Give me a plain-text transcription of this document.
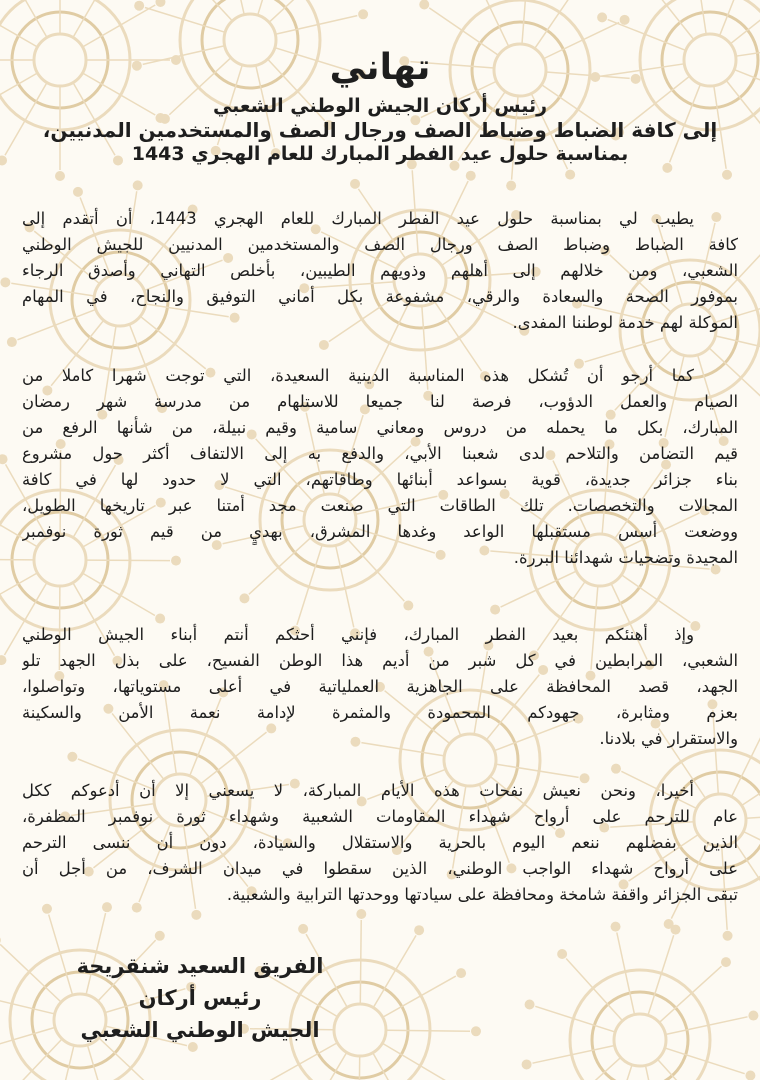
تهاني
رئيس أركان الجيش الوطني الشعبي
إلى كافة الضباط وضباط الصف ورجال الصف والمستخدمين المدنيين،
بمناسبة حلول عيد الفطر المبارك للعام الهجري 1443
يطيب لي بمناسبة حلول عيد الفطر المبارك للعام الهجري 1443، أن أتقدم إلى
كافة الضباط وضباط الصف ورجال الصف والمستخدمين المدنيين للجيش الوطني
الشعبي، ومن خلالهم إلى أهلهم وذويهم الطيبين، بأخلص التهاني وأصدق الرجاء
بموفور الصحة والسعادة والرقي، مشفوعة بكل أماني التوفيق والنجاح، في المهام
الموكلة لهم خدمة لوطننا المفدى.
كما أرجو أن تُشكل هذه المناسبة الدينية السعيدة، التي توجت شهرا كاملا من
الصيام والعمل الدؤوب، فرصة لنا جميعا للاستلهام من مدرسة شهر رمضان
المبارك، بكل ما يحمله من دروس ومعاني سامية وقيم نبيلة، من شأنها الرفع من
قيم التضامن والتلاحم لدى شعبنا الأبي، والدفع به إلى الالتفاف أكثر حول مشروع
بناء جزائر جديدة، قوية بسواعد أبنائها وطاقاتهم، التي لا حدود لها في كافة
المجالات والتخصصات. تلك الطاقات التي صنعت مجد أمتنا عبر تاريخها الطويل،
ووضعت أسس مستقبلها الواعد وغدها المشرق، بهديٍ من قيم ثورة نوفمبر
المجيدة وتضحيات شهدائنا البررة.
وإذ أهنئكم بعيد الفطر المبارك، فإنني أحثكم أنتم أبناء الجيش الوطني
الشعبي، المرابطين في كل شبر من أديم هذا الوطن الفسيح، على بذل الجهد تلو
الجهد، قصد المحافظة على الجاهزية العملياتية في أعلى مستوياتها، وتواصلوا،
بعزم ومثابرة، جهودكم المحمودة والمثمرة لإدامة نعمة الأمن والسكينة
والاستقرار في بلادنا.
أخيرا، ونحن نعيش نفحات هذه الأيام المباركة، لا يسعني إلا أن أدعوكم ككل
عام للترحم على أرواح شهداء المقاومات الشعبية وشهداء ثورة نوفمبر المظفرة،
الذين بفضلهم ننعم اليوم بالحرية والاستقلال والسيادة، دون أن ننسى الترحم
على أرواح شهداء الواجب الوطني، الذين سقطوا في ميدان الشرف، من أجل أن
تبقى الجزائر واقفة شامخة ومحافظة على سيادتها ووحدتها الترابية والشعبية.
الفريق السعيد شنقريحة
رئيس أركان
الجيش الوطني الشعبي
